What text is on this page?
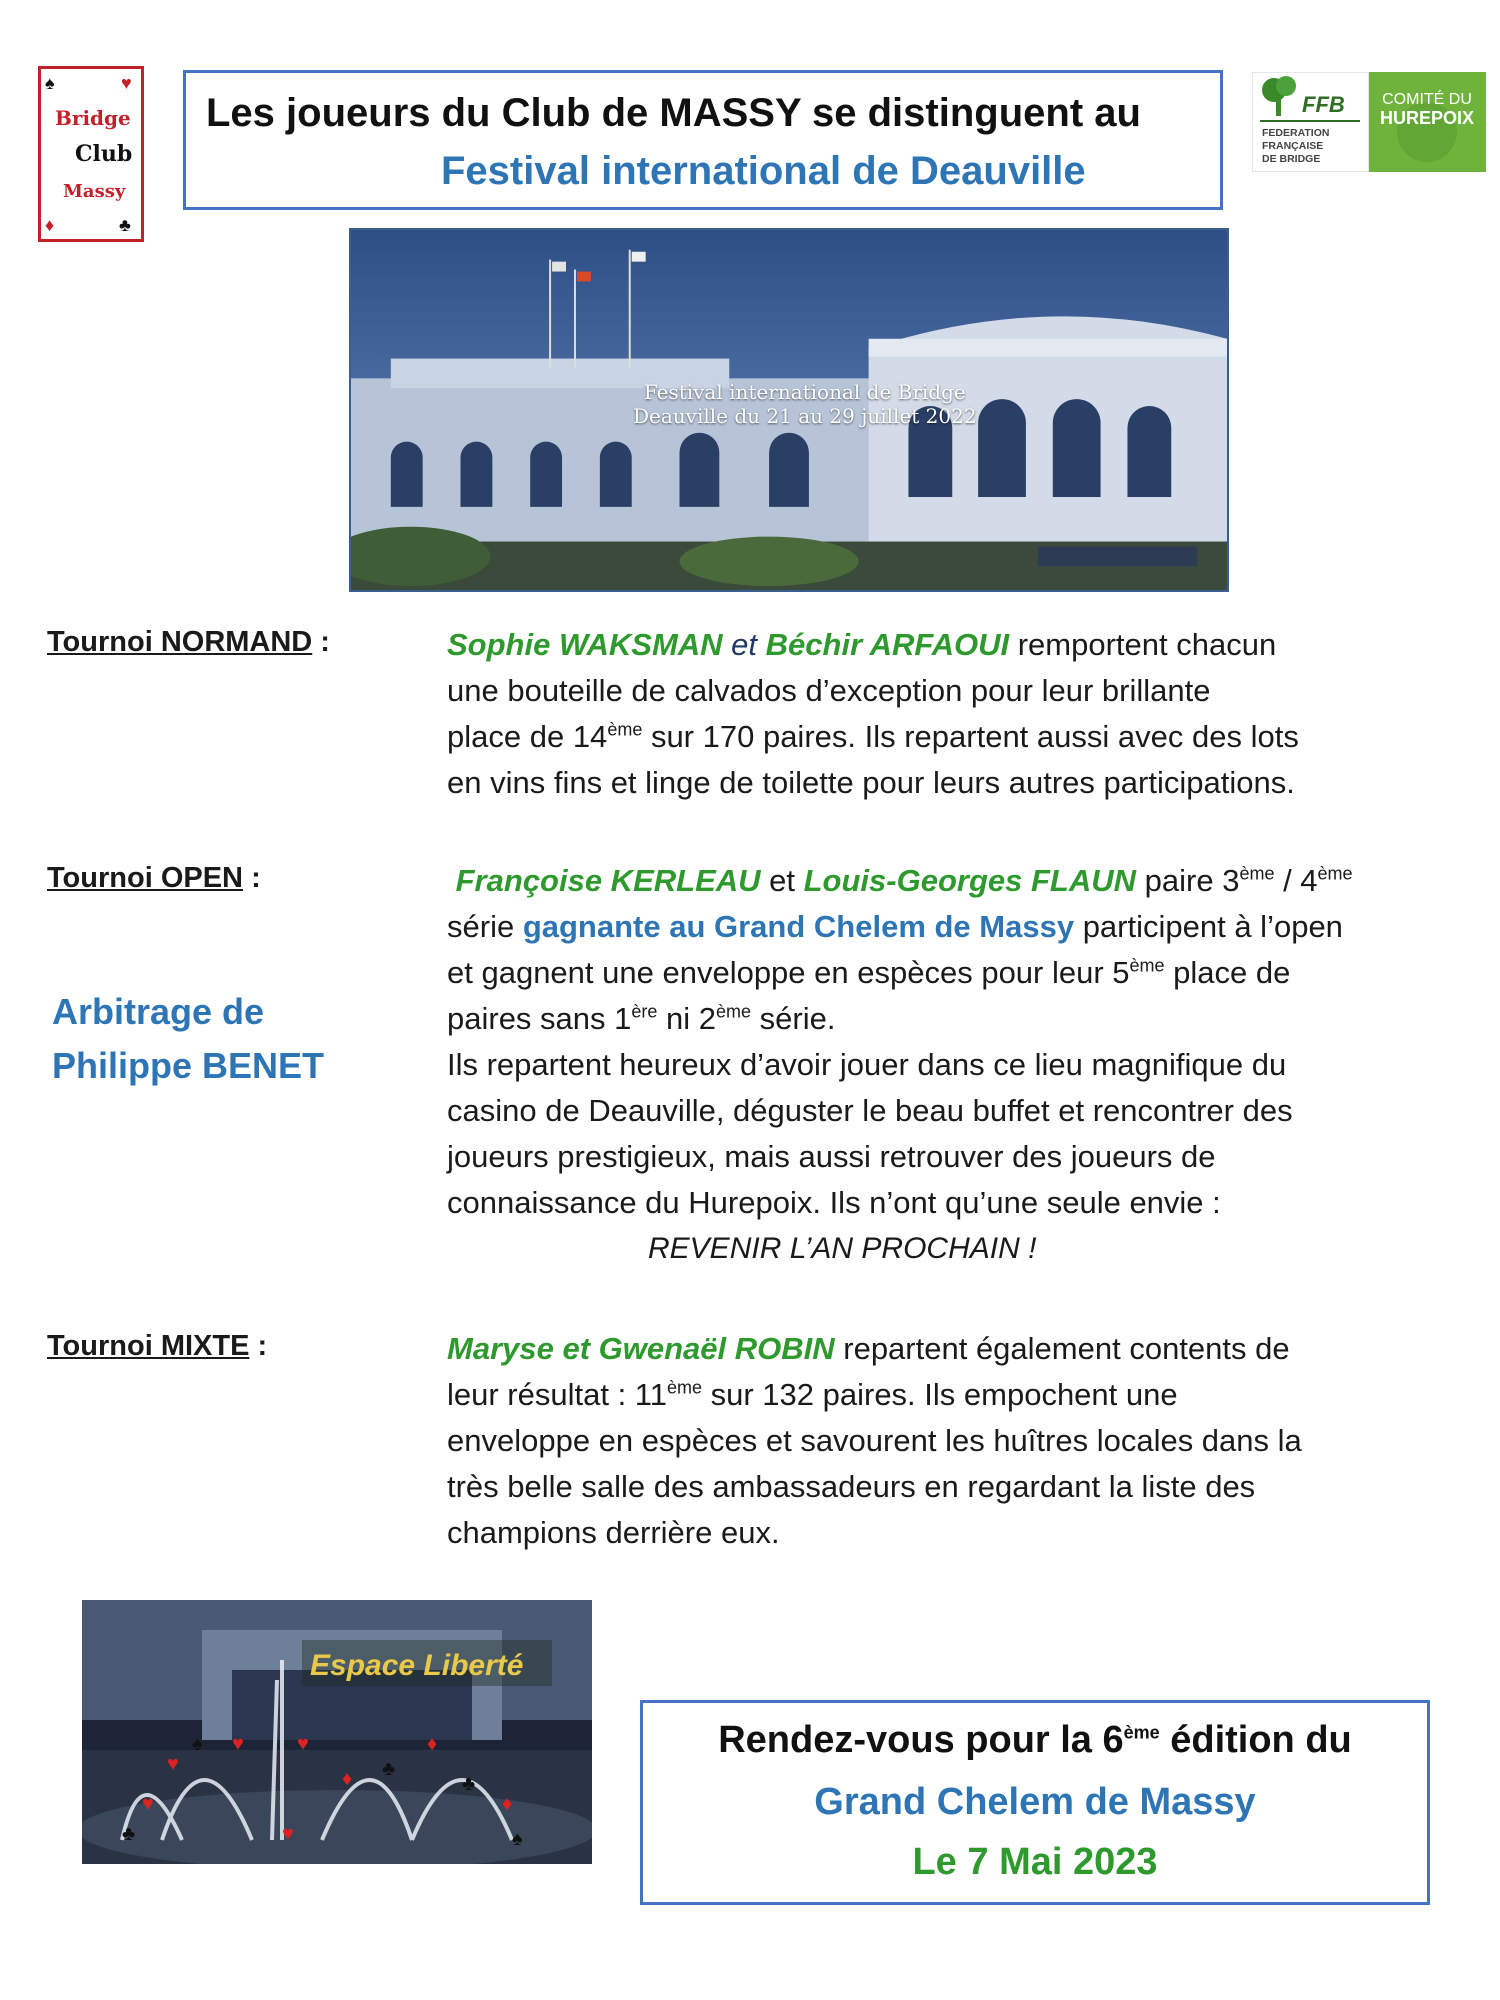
♠	♥
Bridge
Club
Massy
♦	♣
Les joueurs du Club de MASSY se distinguent au
Festival international de Deauville
FFB
FEDERATION
FRANÇAISE
DE BRIDGE
COMITÉ DU
HUREPOIX
Festival international de Bridge
Deauville du 21 au 29 juillet 2022
Tournoi NORMAND :	Sophie WAKSMAN et Béchir ARFAOUI remportent chacun
une bouteille de calvados d’exception pour leur brillante
place de 14ème sur 170 paires. Ils repartent aussi avec des lots
en vins fins et linge de toilette pour leurs autres participations.
Tournoi OPEN :	Françoise KERLEAU et Louis-Georges FLAUN paire 3ème / 4ème
série gagnante au Grand Chelem de Massy participent à l’open
et gagnent une enveloppe en espèces pour leur 5ème place de
paires sans 1ère ni 2ème série.
Ils repartent heureux d’avoir jouer dans ce lieu magnifique du
casino de Deauville, déguster le beau buffet et rencontrer des
joueurs prestigieux, mais aussi retrouver des joueurs de
connaissance du Hurepoix. Ils n’ont qu’une seule envie :
REVENIR L’AN PROCHAIN !
Arbitrage de
Philippe BENET
Tournoi MIXTE :	Maryse et Gwenaël ROBIN repartent également contents de
leur résultat : 11ème sur 132 paires. Ils empochent une
enveloppe en espèces et savourent les huîtres locales dans la
très belle salle des ambassadeurs en regardant la liste des
champions derrière eux.
Espace Liberté
♥
♠ ♥
♥
♣
♥
♦ ♣
♦
♣
♦
♠
♥
Rendez-vous pour la 6ème édition du
Grand Chelem de Massy
Le 7 Mai 2023
